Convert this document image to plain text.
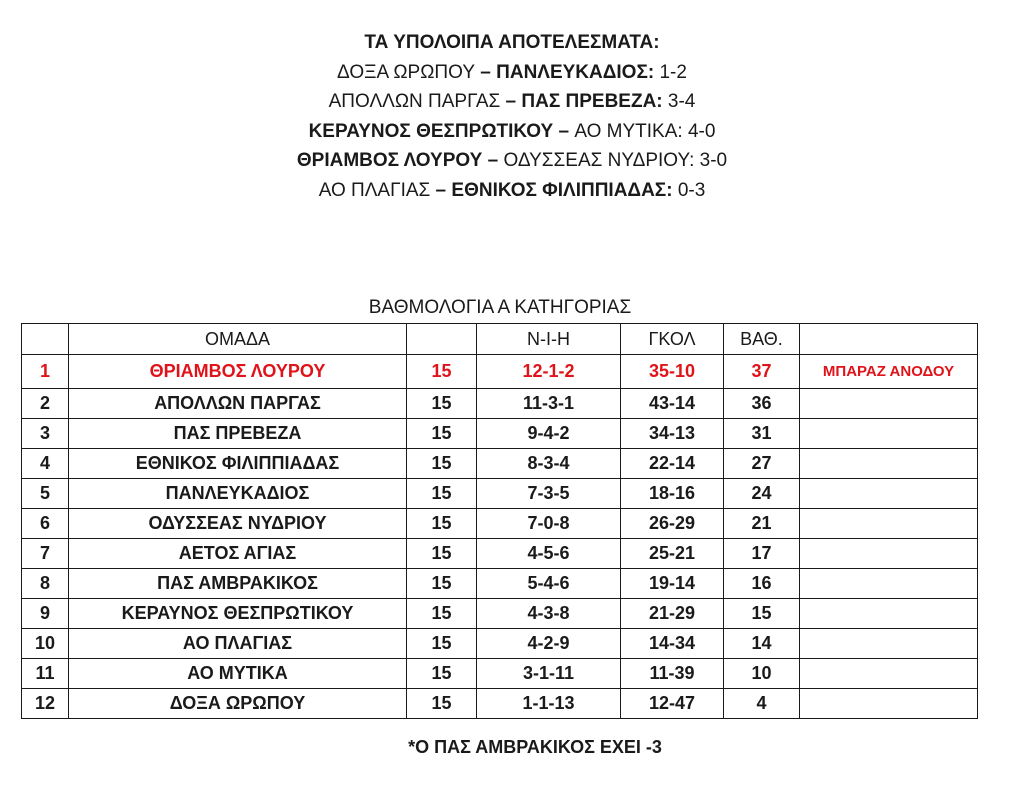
ΤΑ ΥΠΟΛΟΙΠΑ ΑΠΟΤΕΛΕΣΜΑΤΑ:
ΔΟΞΑ ΩΡΩΠΟΥ – ΠΑΝΛΕΥΚΑΔΙΟΣ: 1-2
ΑΠΟΛΛΩΝ ΠΑΡΓΑΣ – ΠΑΣ ΠΡΕΒΕΖΑ: 3-4
ΚΕΡΑΥΝΟΣ ΘΕΣΠΡΩΤΙΚΟΥ – ΑΟ ΜΥΤΙΚΑ: 4-0
ΘΡΙΑΜΒΟΣ ΛΟΥΡΟΥ – ΟΔΥΣΣΕΑΣ ΝΥΔΡΙΟΥ: 3-0
ΑΟ ΠΛΑΓΙΑΣ – ΕΘΝΙΚΟΣ ΦΙΛΙΠΠΙΑΔΑΣ: 0-3
ΒΑΘΜΟΛΟΓΙΑ Α ΚΑΤΗΓΟΡΙΑΣ
	ΟΜΑΔΑ		Ν-Ι-Η	ΓΚΟΛ	ΒΑΘ.	
1	ΘΡΙΑΜΒΟΣ ΛΟΥΡΟΥ	15	12-1-2	35-10	37	ΜΠΑΡΑΖ ΑΝΟΔΟΥ
2	ΑΠΟΛΛΩΝ ΠΑΡΓΑΣ	15	11-3-1	43-14	36	
3	ΠΑΣ ΠΡΕΒΕΖΑ	15	9-4-2	34-13	31	
4	ΕΘΝΙΚΟΣ ΦΙΛΙΠΠΙΑΔΑΣ	15	8-3-4	22-14	27	
5	ΠΑΝΛΕΥΚΑΔΙΟΣ	15	7-3-5	18-16	24	
6	ΟΔΥΣΣΕΑΣ ΝΥΔΡΙΟΥ	15	7-0-8	26-29	21	
7	ΑΕΤΟΣ ΑΓΙΑΣ	15	4-5-6	25-21	17	
8	ΠΑΣ ΑΜΒΡΑΚΙΚΟΣ	15	5-4-6	19-14	16	
9	ΚΕΡΑΥΝΟΣ ΘΕΣΠΡΩΤΙΚΟΥ	15	4-3-8	21-29	15	
10	ΑΟ ΠΛΑΓΙΑΣ	15	4-2-9	14-34	14	
11	ΑΟ ΜΥΤΙΚΑ	15	3-1-11	11-39	10	
12	ΔΟΞΑ ΩΡΩΠΟΥ	15	1-1-13	12-47	4	
*Ο ΠΑΣ ΑΜΒΡΑΚΙΚΟΣ ΕΧΕΙ -3
